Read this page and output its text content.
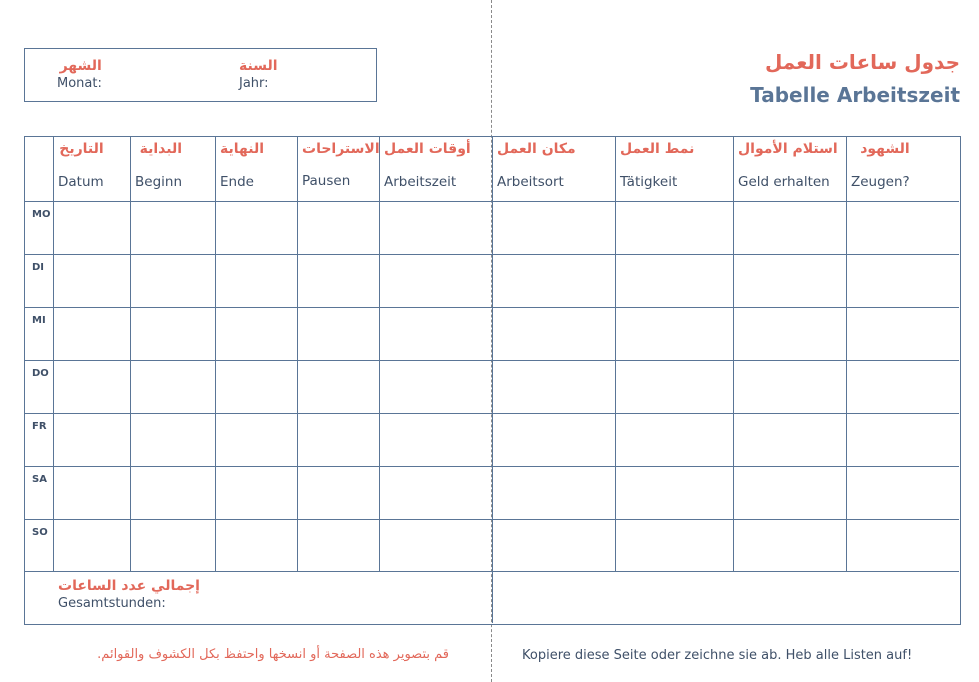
الشهر
Monat:
السنة
Jahr:
جدول ساعات العمل
Tabelle Arbeitszeit
التاريخ
Datum
البداية
Beginn
النهاية
Ende
الاستراحات
Pausen
أوقات العمل
Arbeitszeit
مكان العمل
Arbeitsort
نمط العمل
Tätigkeit
استلام الأموال
Geld erhalten
الشهود
Zeugen?
MO
DI
MI
DO
FR
SA
SO
إجمالي عدد الساعات
Gesamtstunden:
قم بتصوير هذه الصفحة أو انسخها واحتفظ بكل الكشوف والقوائم.	Kopiere diese Seite oder zeichne sie ab. Heb alle Listen auf!
